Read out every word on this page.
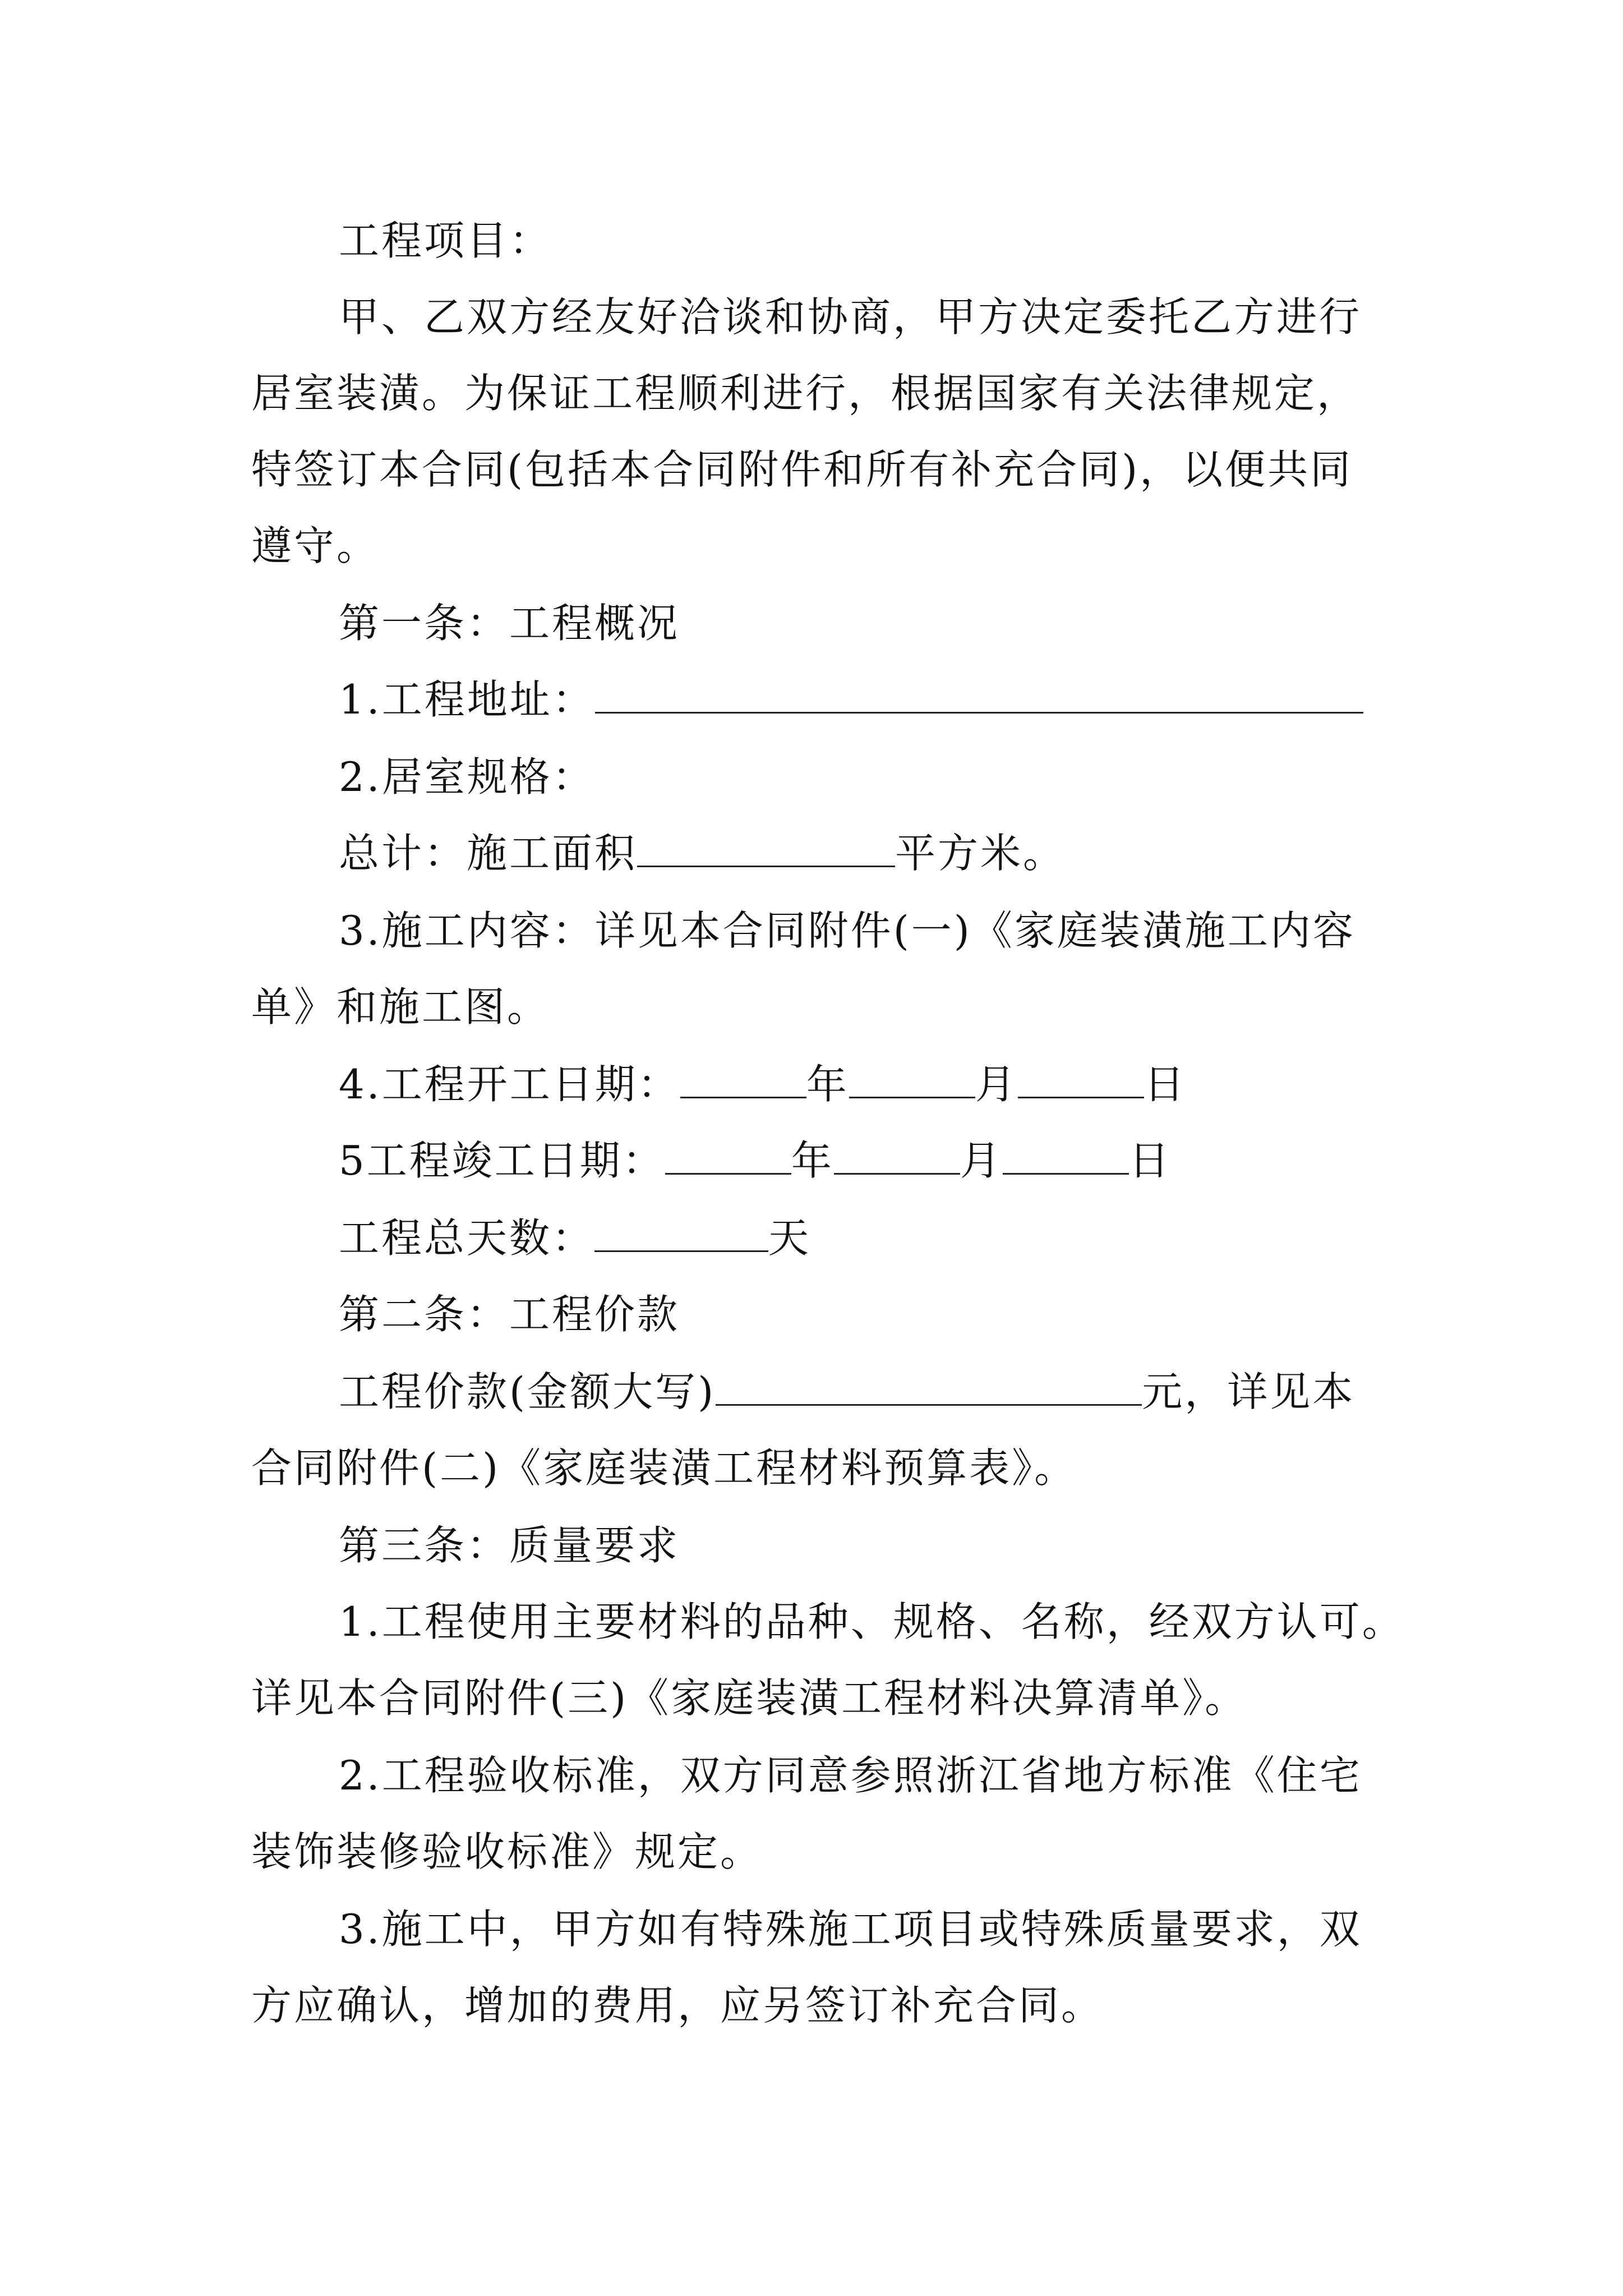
工程项目：
甲、乙双方经友好洽谈和协商，甲方决定委托乙方进行
居室装潢。为保证工程顺利进行，根据国家有关法律规定，
特签订本合同(包括本合同附件和所有补充合同)，以便共同
遵守。
第一条：工程概况
1.工程地址：
2.居室规格：
总计：施工面积	平方米。
3.施工内容：详见本合同附件(一)《家庭装潢施工内容
单》和施工图。
4.工程开工日期：	年	月	日
5工程竣工日期：	年	月	日
工程总天数：	天
第二条：工程价款
工程价款(金额大写)	元，详见本
合同附件(二)《家庭装潢工程材料预算表》。
第三条：质量要求
1.工程使用主要材料的品种、规格、名称，经双方认可。
详见本合同附件(三)《家庭装潢工程材料决算清单》。
2.工程验收标准，双方同意参照浙江省地方标准《住宅
装饰装修验收标准》规定。
3.施工中，甲方如有特殊施工项目或特殊质量要求，双
方应确认，增加的费用，应另签订补充合同。
